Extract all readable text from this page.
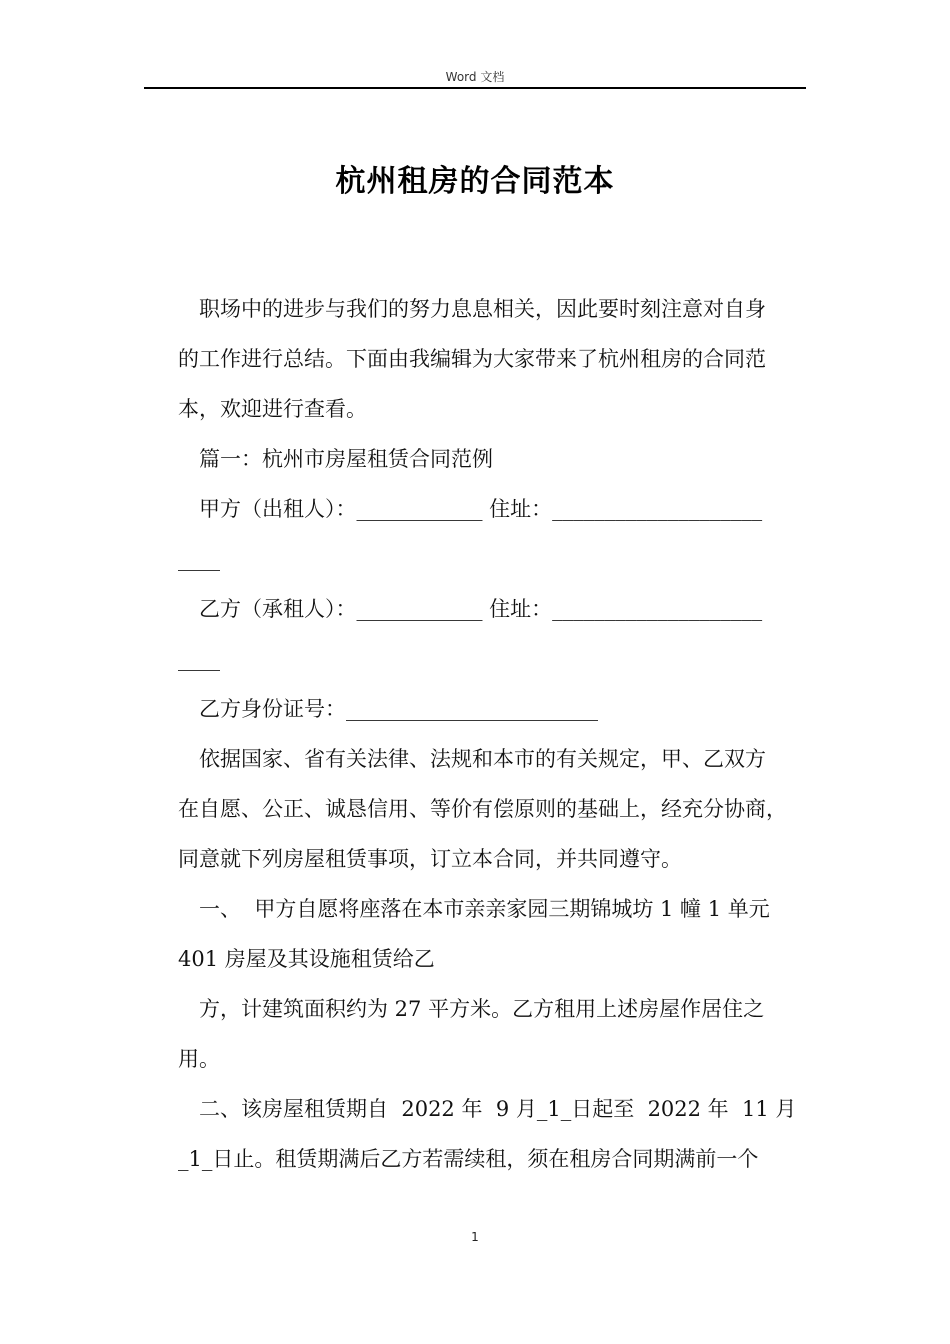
Word 文档
杭州租房的合同范本
职场中的进步与我们的努力息息相关，因此要时刻注意对自身
的工作进行总结。下面由我编辑为大家带来了杭州租房的合同范
本，欢迎进行查看。
篇一：杭州市房屋租赁合同范例
甲方（出租人）：____________ 住址：____________________
____
乙方（承租人）：____________ 住址：____________________
____
乙方身份证号：________________________
依据国家、省有关法律、法规和本市的有关规定，甲、乙双方
在自愿、公正、诚恳信用、等价有偿原则的基础上，经充分协商，
同意就下列房屋租赁事项，订立本合同，并共同遵守。
一、  甲方自愿将座落在本市亲亲家园三期锦城坊 1 幢 1 单元
401 房屋及其设施租赁给乙
方，计建筑面积约为 27 平方米。乙方租用上述房屋作居住之
用。
二、该房屋租赁期自  2022 年  9 月_1_日起至  2022 年  11 月
_1_日止。租赁期满后乙方若需续租，须在租房合同期满前一个
1
